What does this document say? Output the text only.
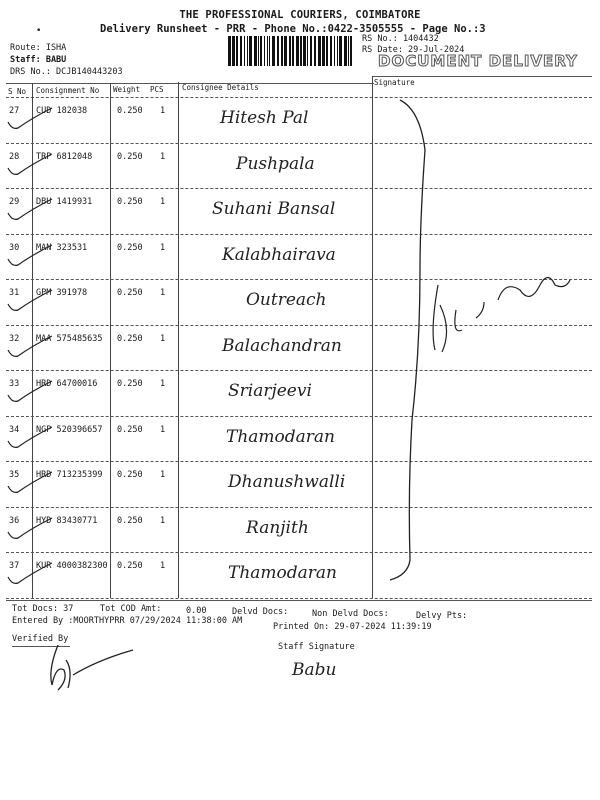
THE PROFESSIONAL COURIERS, COIMBATORE
Delivery Runsheet - PRR - Phone No.:0422-3505555 - Page No.:3
•
Route: ISHA
Staff: BABU
DRS No.: DCJB140443203
RS No.: 1404432
RS Date: 29-Jul-2024
DOCUMENT DELIVERY
S No Consignment No Weight PCS Consignee Details
Signature
27 CUD 182038	0.250 1	Hitesh Pal
28 TRP 6812048	0.250 1	Pushpala
29 DBU 1419931	0.250 1	Suhani Bansal
30 MAN 323531	0.250 1	Kalabhairava
31 GPM 391978	0.250 1	Outreach
32 MAA 575485635 0.250 1	Balachandran
33 HRD 64700016 0.250 1	Sriarjeevi
34 NGP 520396657 0.250 1	Thamodaran
35 HRD 713235399 0.250 1	Dhanushwalli
36 HYD 83430771 0.250 1	Ranjith
37 KUR 4000382300 0.250 1	Thamodaran
Tot Docs: 37	Tot COD Amt:	0.00	Delvd Docs:	Non Delvd Docs:	Delvy Pts:
Entered By :MOORTHYPRR 07/29/2024 11:38:00 AM
Printed On: 29-07-2024 11:39:19
Verified By
Staff Signature
Babu
